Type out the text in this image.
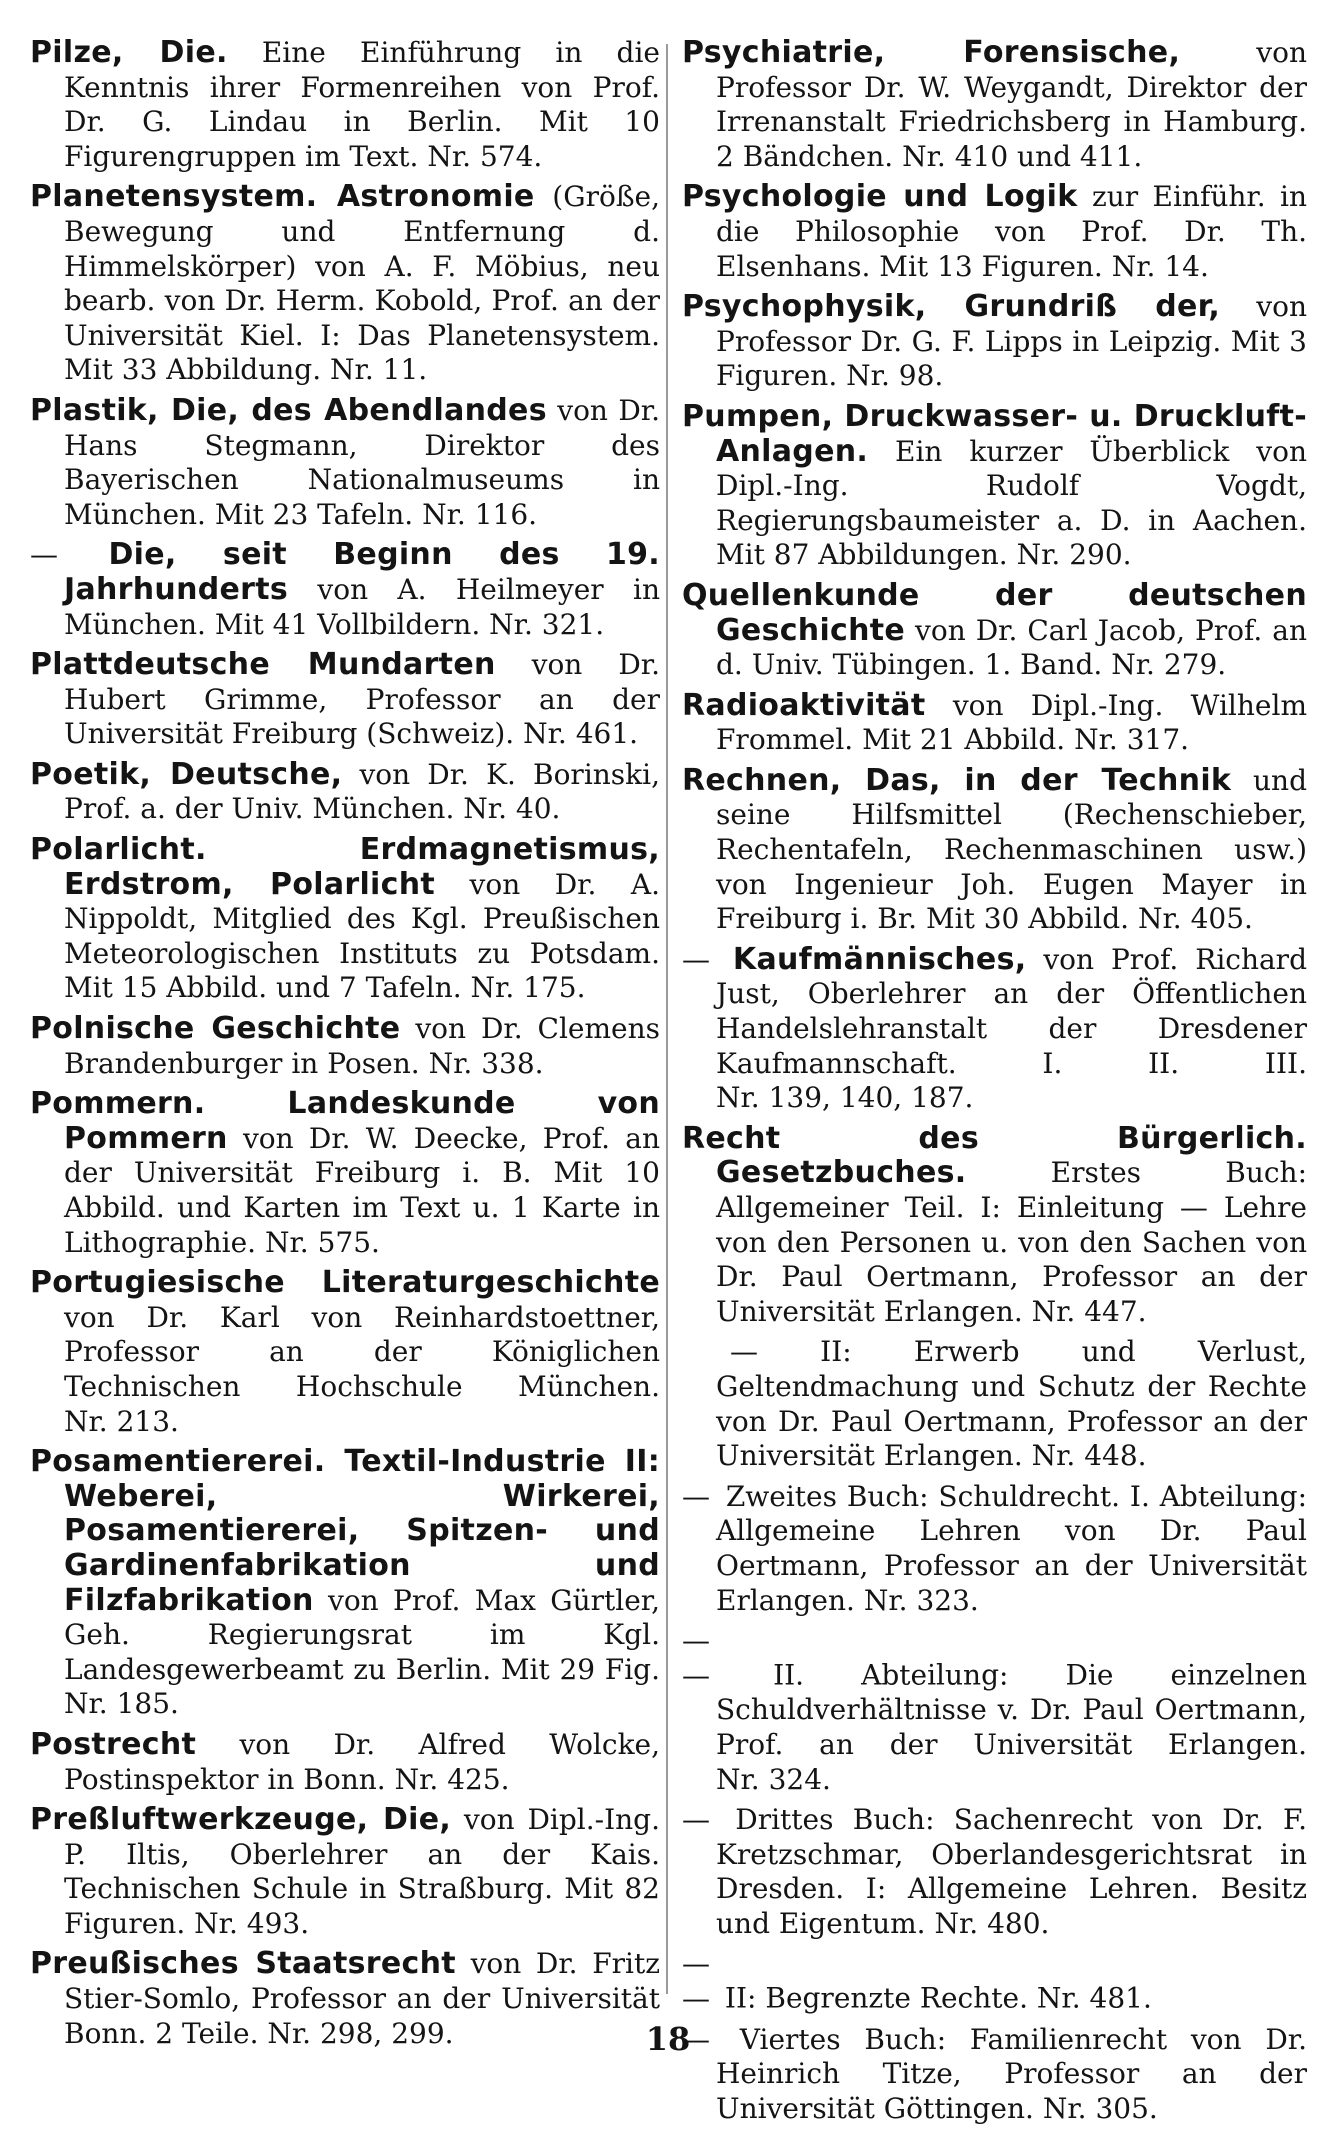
Pilze, Die. Eine Einführung in die Kenntnis ihrer Formenreihen von Prof. Dr. G. Lindau in Berlin. Mit 10 Figurengruppen im Text. Nr. 574.

Planetensystem. Astronomie (Größe, Bewegung und Entfernung d. Himmelskörper) von A. F. Möbius, neu bearb. von Dr. Herm. Kobold, Prof. an der Universität Kiel. I: Das Planetensystem. Mit 33 Abbildung. Nr. 11.

Plastik, Die, des Abendlandes von Dr. Hans Stegmann, Direktor des Bayerischen Nationalmuseums in München. Mit 23 Tafeln. Nr. 116.

— Die, seit Beginn des 19. Jahrhunderts von A. Heilmeyer in München. Mit 41 Vollbildern. Nr. 321.

Plattdeutsche Mundarten von Dr. Hubert Grimme, Professor an der Universität Freiburg (Schweiz). Nr. 461.

Poetik, Deutsche, von Dr. K. Borinski, Prof. a. der Univ. München. Nr. 40.

Polarlicht. Erdmagnetismus, Erdstrom, Polarlicht von Dr. A. Nippoldt, Mitglied des Kgl. Preußischen Meteorologischen Instituts zu Potsdam. Mit 15 Abbild. und 7 Tafeln. Nr. 175.

Polnische Geschichte von Dr. Clemens Brandenburger in Posen. Nr. 338.

Pommern. Landeskunde von Pommern von Dr. W. Deecke, Prof. an der Universität Freiburg i. B. Mit 10 Abbild. und Karten im Text u. 1 Karte in Lithographie. Nr. 575.

Portugiesische Literaturgeschichte von Dr. Karl von Reinhardstoettner, Professor an der Königlichen Technischen Hochschule München. Nr. 213.

Posamentiererei. Textil-Industrie II: Weberei, Wirkerei, Posamentiererei, Spitzen- und Gardinenfabrikation und Filzfabrikation von Prof. Max Gürtler, Geh. Regierungsrat im Kgl. Landesgewerbeamt zu Berlin. Mit 29 Fig. Nr. 185.

Postrecht von Dr. Alfred Wolcke, Postinspektor in Bonn. Nr. 425.

Preßluftwerkzeuge, Die, von Dipl.-Ing. P. Iltis, Oberlehrer an der Kais. Technischen Schule in Straßburg. Mit 82 Figuren. Nr. 493.

Preußisches Staatsrecht von Dr. Fritz Stier-Somlo, Professor an der Universität Bonn. 2 Teile. Nr. 298, 299.

Psychiatrie, Forensische,	von Professor Dr. W. Weygandt, Direktor der Irrenanstalt Friedrichsberg in Hamburg. 2 Bändchen. Nr. 410 und 411.

Psychologie und Logik zur Einführ. in die Philosophie von Prof. Dr. Th. Elsenhans. Mit 13 Figuren. Nr. 14.

Psychophysik, Grundriß der, von Professor Dr. G. F. Lipps in Leipzig. Mit 3 Figuren. Nr. 98.

Pumpen, Druckwasser- u. Druckluft-Anlagen. Ein kurzer Überblick von Dipl.-Ing. Rudolf Vogdt, Regierungsbaumeister a. D. in Aachen. Mit 87 Abbildungen. Nr. 290.

Quellenkunde der deutschen Geschichte von Dr. Carl Jacob, Prof. an d. Univ. Tübingen. 1. Band. Nr. 279.

Radioaktivität von Dipl.-Ing. Wilhelm Frommel. Mit 21 Abbild. Nr. 317.

Rechnen, Das, in der Technik und seine Hilfsmittel (Rechenschieber, Rechentafeln, Rechenmaschinen usw.) von Ingenieur Joh. Eugen Mayer in Freiburg i. Br. Mit 30 Abbild. Nr. 405.

— Kaufmännisches, von Prof. Richard Just, Oberlehrer an der Öffentlichen Handelslehranstalt der Dresdener Kaufmannschaft. I. II. III. Nr. 139, 140, 187.

Recht des Bürgerlich. Gesetzbuches.	Erstes Buch: Allgemeiner Teil. I: Einleitung — Lehre von den Personen u. von den Sachen von Dr. Paul Oertmann, Professor an der Universität Erlangen. Nr. 447.

— II: Erwerb und Verlust, Geltendmachung und Schutz der Rechte von Dr. Paul Oertmann, Professor an der Universität Erlangen. Nr. 448.

— Zweites Buch: Schuldrecht. I. Abteilung: Allgemeine Lehren von Dr. Paul Oertmann, Professor an der Universität Erlangen. Nr. 323.

— — II. Abteilung: Die einzelnen Schuldverhältnisse v. Dr. Paul Oertmann, Prof. an der Universität Erlangen. Nr. 324.

— Drittes Buch: Sachenrecht von Dr. F. Kretzschmar, Oberlandesgerichtsrat in Dresden. I: Allgemeine Lehren. Besitz und Eigentum. Nr. 480.

— — II: Begrenzte Rechte. Nr. 481.

— Viertes Buch: Familienrecht von Dr. Heinrich Titze, Professor an der Universität Göttingen. Nr. 305.

18
